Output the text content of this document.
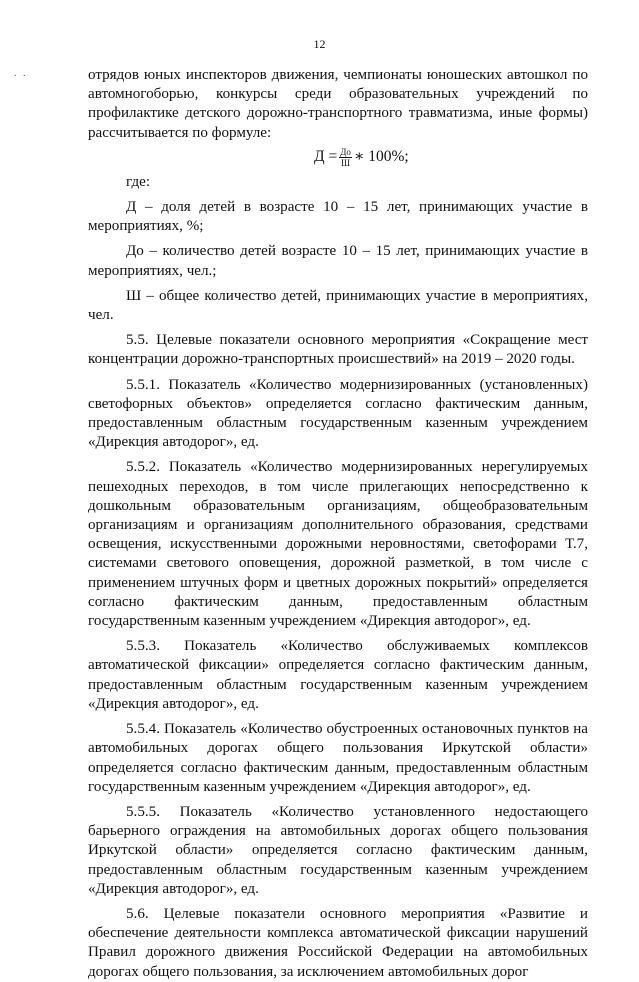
12
. .	отрядов юных инспекторов движения, чемпионаты юношеских автошкол по автомногоборью, конкурсы среди образовательных учреждений по профилактике детского дорожно-транспортного травматизма, иные формы) рассчитывается по формуле:

$Д = \frac{До}{Ш}$ ∗ 100%;

где:

Д – доля детей в возрасте 10 – 15 лет, принимающих участие в мероприятиях, %;

До – количество детей возрасте 10 – 15 лет, принимающих участие в мероприятиях, чел.;

Ш – общее количество детей, принимающих участие в мероприятиях, чел.

5.5. Целевые показатели основного мероприятия «Сокращение мест концентрации дорожно-транспортных происшествий» на 2019 – 2020 годы.

5.5.1. Показатель «Количество модернизированных (установленных) светофорных объектов» определяется согласно фактическим данным, предоставленным областным государственным казенным учреждением «Дирекция автодорог», ед.

5.5.2. Показатель «Количество модернизированных нерегулируемых пешеходных переходов, в том числе прилегающих непосредственно к дошкольным образовательным организациям, общеобразовательным организациям и организациям дополнительного образования, средствами освещения, искусственными дорожными неровностями, светофорами Т.7, системами светового оповещения, дорожной разметкой, в том числе с применением штучных форм и цветных дорожных покрытий» определяется согласно фактическим данным, предоставленным областным государственным казенным учреждением «Дирекция автодорог», ед.

5.5.3. Показатель «Количество обслуживаемых комплексов автоматической фиксации» определяется согласно фактическим данным, предоставленным областным государственным казенным учреждением «Дирекция автодорог», ед.

5.5.4. Показатель «Количество обустроенных остановочных пунктов на автомобильных дорогах общего пользования Иркутской области» определяется согласно фактическим данным, предоставленным областным государственным казенным учреждением «Дирекция автодорог», ед.

5.5.5. Показатель «Количество установленного недостающего барьерного ограждения на автомобильных дорогах общего пользования Иркутской области» определяется согласно фактическим данным, предоставленным областным государственным казенным учреждением «Дирекция автодорог», ед.

5.6. Целевые показатели основного мероприятия «Развитие и обеспечение деятельности комплекса автоматической фиксации нарушений Правил дорожного движения Российской Федерации на автомобильных дорогах общего пользования, за исключением автомобильных дорог
